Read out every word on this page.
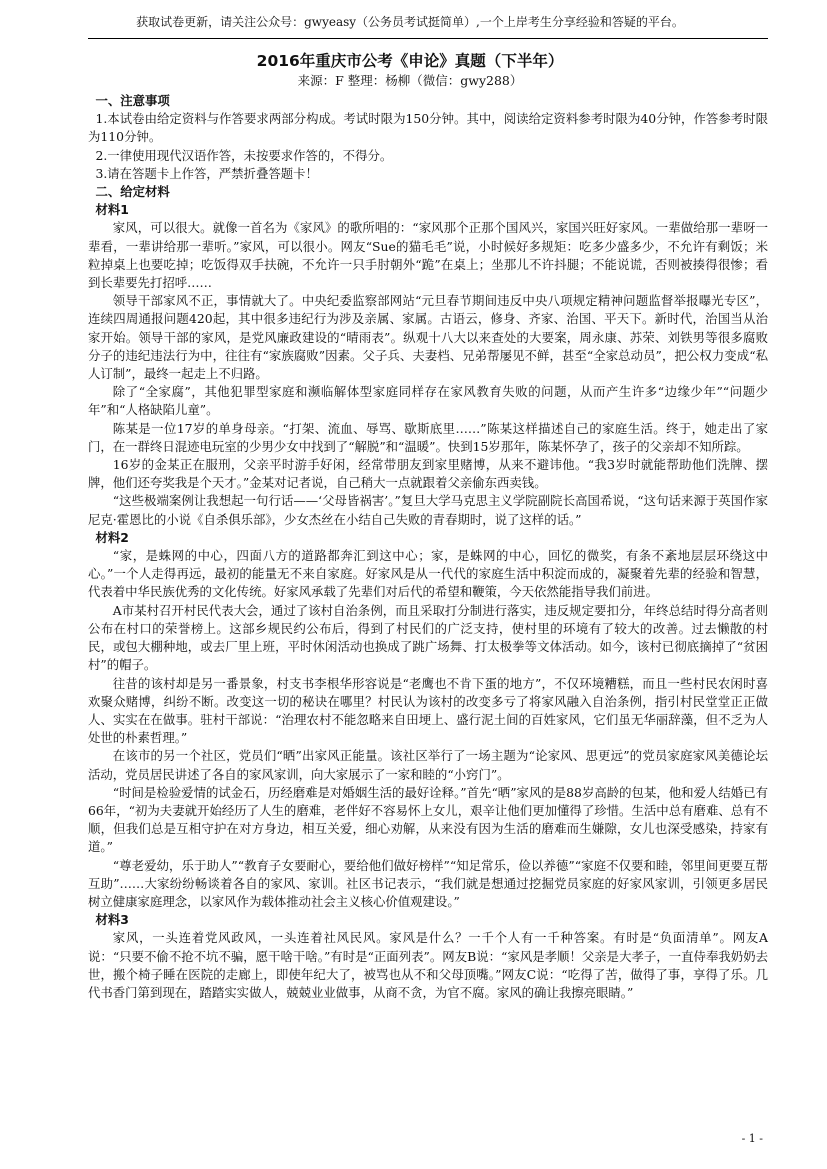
获取试卷更新，请关注公众号：gwyeasy（公务员考试挺简单）,一个上岸考生分享经验和答疑的平台。
2016年重庆市公考《申论》真题（下半年）
来源：F 整理：杨柳（微信：gwy288）

一、注意事项

1.本试卷由给定资料与作答要求两部分构成。考试时限为150分钟。其中，阅读给定资料参考时限为40分钟，作答参考时限为110分钟。

2.一律使用现代汉语作答，未按要求作答的，不得分。

3.请在答题卡上作答，严禁折叠答题卡！

二、给定材料

材料1

家风，可以很大。就像一首名为《家风》的歌所唱的：“家风那个正那个国风兴，家国兴旺好家风。一辈做给那一辈呀一辈看，一辈讲给那一辈听。”家风，可以很小。网友“Sue的猫毛毛”说，小时候好多规矩：吃多少盛多少，不允许有剩饭；米粒掉桌上也要吃掉；吃饭得双手扶碗，不允许一只手肘朝外“跪”在桌上；坐那儿不许抖腿；不能说谎，否则被揍得很惨；看到长辈要先打招呼……

领导干部家风不正，事情就大了。中央纪委监察部网站“元旦春节期间违反中央八项规定精神问题监督举报曝光专区”，连续四周通报问题420起，其中很多违纪行为涉及亲属、家属。古语云，修身、齐家、治国、平天下。新时代，治国当从治家开始。领导干部的家风，是党风廉政建设的“晴雨表”。纵观十八大以来查处的大要案，周永康、苏荣、刘铁男等很多腐败分子的违纪违法行为中，往往有“家族腐败”因素。父子兵、夫妻档、兄弟帮屡见不鲜，甚至“全家总动员”，把公权力变成“私人订制”，最终一起走上不归路。

除了“全家腐”，其他犯罪型家庭和濒临解体型家庭同样存在家风教育失败的问题，从而产生许多“边缘少年”“问题少年”和“人格缺陷儿童”。

陈某是一位17岁的单身母亲。“打架、流血、辱骂、歇斯底里……”陈某这样描述自己的家庭生活。终于，她走出了家门，在一群终日混迹电玩室的少男少女中找到了“解脱”和“温暖”。快到15岁那年，陈某怀孕了，孩子的父亲却不知所踪。

16岁的金某正在服刑，父亲平时游手好闲，经常带朋友到家里赌博，从来不避讳他。“我3岁时就能帮助他们洗牌、摆牌，他们还夸奖我是个天才。”金某对记者说，自己稍大一点就跟着父亲偷东西卖钱。

“这些极端案例让我想起一句行话——‘父母皆祸害’。”复旦大学马克思主义学院副院长高国希说，“这句话来源于英国作家尼克·霍恩比的小说《自杀俱乐部》，少女杰丝在小结自己失败的青春期时，说了这样的话。”

材料2

“家，是蛛网的中心，四面八方的道路都奔汇到这中心；家，是蛛网的中心，回忆的微奖，有条不紊地层层环绕这中心。”一个人走得再远，最初的能量无不来自家庭。好家风是从一代代的家庭生活中积淀而成的，凝聚着先辈的经验和智慧，代表着中华民族优秀的文化传统。好家风承载了先辈们对后代的希望和鞭策，今天依然能指导我们前进。

A市某村召开村民代表大会，通过了该村自治条例，而且采取打分制进行落实，违反规定要扣分，年终总结时得分高者则公布在村口的荣誉榜上。这部乡规民约公布后，得到了村民们的广泛支持，使村里的环境有了较大的改善。过去懒散的村民，或包大棚种地，或去厂里上班，平时休闲活动也换成了跳广场舞、打太极拳等文体活动。如今，该村已彻底摘掉了“贫困村”的帽子。

往昔的该村却是另一番景象，村支书李根华形容说是“老鹰也不肯下蛋的地方”，不仅环境糟糕，而且一些村民农闲时喜欢聚众赌博，纠纷不断。改变这一切的秘诀在哪里？村民认为该村的改变多亏了将家风融入自治条例，指引村民堂堂正正做人、实实在在做事。驻村干部说：“治理农村不能忽略来自田埂上、盛行泥土间的百姓家风，它们虽无华丽辞藻，但不乏为人处世的朴素哲理。”

在该市的另一个社区，党员们“晒”出家风正能量。该社区举行了一场主题为“论家风、思更远”的党员家庭家风美德论坛活动，党员居民讲述了各自的家风家训，向大家展示了一家和睦的“小窍门”。

“时间是检验爱情的试金石，历经磨难是对婚姻生活的最好诠释。”首先“晒”家风的是88岁高龄的包某，他和爱人结婚已有66年，“初为夫妻就开始经历了人生的磨难，老伴好不容易怀上女儿，艰辛让他们更加懂得了珍惜。生活中总有磨难、总有不顺，但我们总是互相守护在对方身边，相互关爱，细心劝解，从来没有因为生活的磨难而生嫌隙，女儿也深受感染，持家有道。”

“尊老爱幼，乐于助人”“教育子女要耐心，要给他们做好榜样”“知足常乐，俭以养德”“家庭不仅要和睦，邻里间更要互帮互助”……大家纷纷畅谈着各自的家风、家训。社区书记表示，“我们就是想通过挖掘党员家庭的好家风家训，引领更多居民树立健康家庭理念，以家风作为载体推动社会主义核心价值观建设。”

材料3

家风，一头连着党风政风，一头连着社风民风。家风是什么？一千个人有一千种答案。有时是“负面清单”。网友A说：“只要不偷不抢不坑不骗，愿干啥干啥。”有时是“正面列表”。网友B说：“家风是孝顺！父亲是大孝子，一直侍奉我奶奶去世，搬个椅子睡在医院的走廊上，即使年纪大了，被骂也从不和父母顶嘴。”网友C说：“吃得了苦，做得了事，享得了乐。几代书香门第到现在，踏踏实实做人，兢兢业业做事，从商不贪，为官不腐。家风的确让我擦亮眼睛。”

- 1 -
